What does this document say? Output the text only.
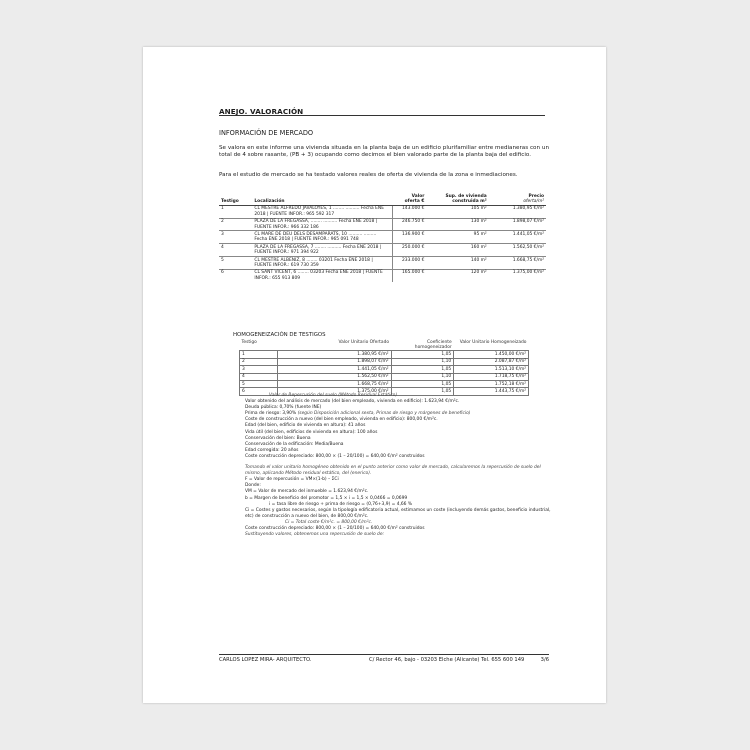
ANEJO. VALORACIÓN
INFORMACIÓN DE MERCADO
Se valora en este informe una vivienda situada en la planta baja de un edificio plurifamiliar entre medianeras con un total de 4 sobre rasante, (PB + 3) ocupando como decimos el bien valorado parte de la planta baja del edificio.
Para el estudio de mercado se ha testado valores reales de oferta de vivienda de la zona e inmediaciones.
Testigo	Localización	Valor oferta €	Sup. de vivienda construida m²	Precio
oferta/m²
1	CL MESTRE ALFREDO JAVALOYES, 1 ........ .......... Fecha ENE 2018 | FUENTE INFOR.: 965 592 317	143.000 €	105 m²	1.380,95 €/m²
2	PLAZA DE LA FREGASSA, ........ .......... Fecha ENE 2018 | FUENTE INFOR.: 966 332 186	246.750 €	130 m²	1.898,07 €/m²
3	CL MARE DE DEU DELS DESAMPARATS, 10 .......... ......... Fecha ENE 2018 | FUENTE INFOR.: 965 091 748	136.900 €	95 m²	1.441,05 €/m²
4	PLAZA DE LA FREGASSA, 7 ........ .......... Fecha ENE 2018 | FUENTE INFOR.: 971 394 922	250.000 €	160 m²	1.562,50 €/m²
5	CL MESTRE ALBENIZ, 8 ........ 03201 Fecha ENE 2018 | FUENTE INFOR.: 619 730 359	233.000 €	140 m²	1.668,75 €/m²
6	CL SANT VICENT, 6 ........ 03203 Fecha ENE 2018 | FUENTE INFOR.: 655 913 809	165.000 €	120 m²	1.375,00 €/m²
HOMOGENEIZACIÓN DE TESTIGOS
Testigo	Valor Unitario Ofertado	Coeficiente homogeneizador	Valor Unitario Homogeneizado
1	1.380,95 €/m²	1,05	1.450,00 €/m²
2	1.898,07 €/m²	1,10	2.087,87 €/m²
3	1.441,05 €/m²	1,05	1.513,10 €/m²
4	1.562,50 €/m²	1,10	1.718,75 €/m²
5	1.668,75 €/m²	1,05	1.752,18 €/m²
6	1.375,00 €/m²	1,05	1.443,75 €/m²
Valor de Repercusión del suelo (Método Residual Estático)
Valor obtenido del análisis de mercado (del bien empleado, vivienda en edificio): 1.623,94 €/m²c.
Deuda pública: 0,70% (fuente INE)
Prima de riesgo: 3,90% (según Disposición adicional sexta, Primas de riesgo y márgenes de beneficio)
Coste de construcción a nuevo (del bien empleado, vivienda en edificio): 800,00 €/m²c.
Edad (del bien, edificio de vivienda en altura): 41 años
Vida útil (del bien, edificios de vivienda en altura): 100 años
Conservación del bien: Buena
Conservación de la edificación: Media/Buena
Edad corregida: 20 años
Coste construcción depreciado: 800,00 × (1 – 20/100) = 640,00 €/m² construidos
Tomando el valor unitario homogéneo obtenido en el punto anterior como valor de mercado, calcularemos la repercusión de suelo del mismo, aplicando Método residual estático, del (enerico).
F = Valor de repercusión = VM×(1-b) – ΣCi
Donde:
VM = Valor de mercado del inmueble = 1.623,94 €/m²c.
b = Margen de beneficio del promotor = 1,5 × i = 1,5 × 0,0466 = 0,0699
i = tasa libre de riesgo + prima de riesgo = (0,76+3,9) = 4,66 %
Ci = Costes y gastos necesarios, según la tipología edificatoria actual, estimamos un coste (incluyendo demás gastos, beneficio industrial, etc) de construcción a nuevo del bien, de 800,00 €/m²c.
Ci = Total coste €/m²c. = 800,00 €/m²c.
Coste construcción depreciado: 800,00 × (1 – 20/100) = 640,00 €/m² construidos
Sustituyendo valores, obtenemos una repercusión de suelo de:
CARLOS LOPEZ MIRA- ARQUITECTO.	C/ Rector 46, bajo - 03203 Elche (Alicante) Tel. 655 600 149	3/6
